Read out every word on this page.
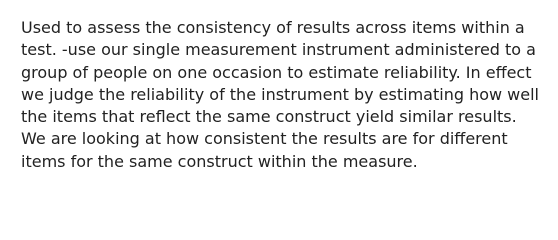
Used to assess the consistency of results across items within a test. -use our single measurement instrument administered to a group of people on one occasion to estimate reliability. In effect we judge the reliability of the instrument by estimating how well the items that reflect the same construct yield similar results. We are looking at how consistent the results are for different items for the same construct within the measure.
